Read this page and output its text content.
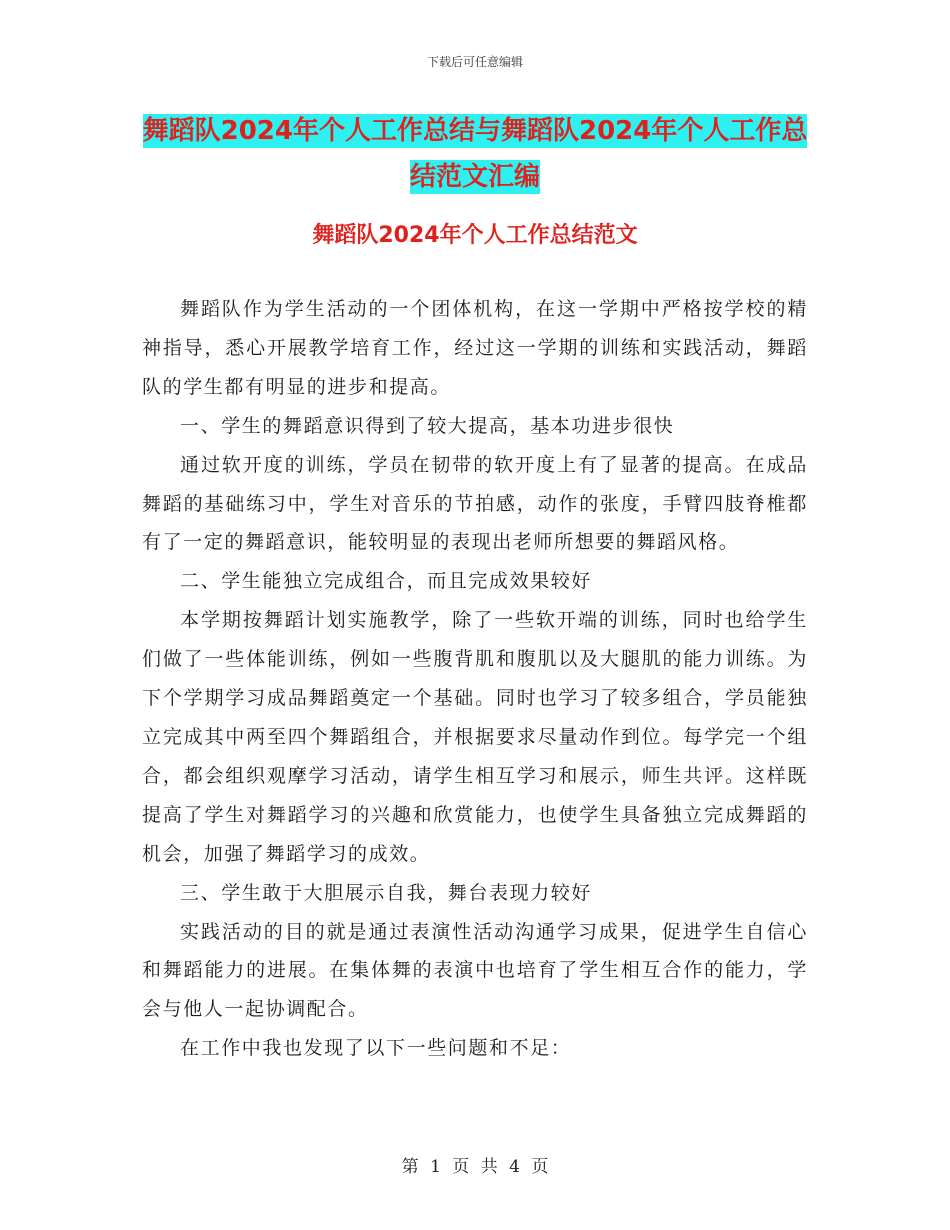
下载后可任意编辑
舞蹈队2024年个人工作总结与舞蹈队2024年个人工作总结范文汇编
舞蹈队2024年个人工作总结范文

舞蹈队作为学生活动的一个团体机构，在这一学期中严格按学校的精神指导，悉心开展教学培育工作，经过这一学期的训练和实践活动，舞蹈队的学生都有明显的进步和提高。

一、学生的舞蹈意识得到了较大提高，基本功进步很快

通过软开度的训练，学员在韧带的软开度上有了显著的提高。在成品舞蹈的基础练习中，学生对音乐的节拍感，动作的张度，手臂四肢脊椎都有了一定的舞蹈意识，能较明显的表现出老师所想要的舞蹈风格。

二、学生能独立完成组合，而且完成效果较好

本学期按舞蹈计划实施教学，除了一些软开端的训练，同时也给学生们做了一些体能训练，例如一些腹背肌和腹肌以及大腿肌的能力训练。为下个学期学习成品舞蹈奠定一个基础。同时也学习了较多组合，学员能独立完成其中两至四个舞蹈组合，并根据要求尽量动作到位。每学完一个组合，都会组织观摩学习活动，请学生相互学习和展示，师生共评。这样既提高了学生对舞蹈学习的兴趣和欣赏能力，也使学生具备独立完成舞蹈的机会，加强了舞蹈学习的成效。

三、学生敢于大胆展示自我，舞台表现力较好

实践活动的目的就是通过表演性活动沟通学习成果，促进学生自信心和舞蹈能力的进展。在集体舞的表演中也培育了学生相互合作的能力，学会与他人一起协调配合。

在工作中我也发现了以下一些问题和不足：

第 1 页 共 4 页
